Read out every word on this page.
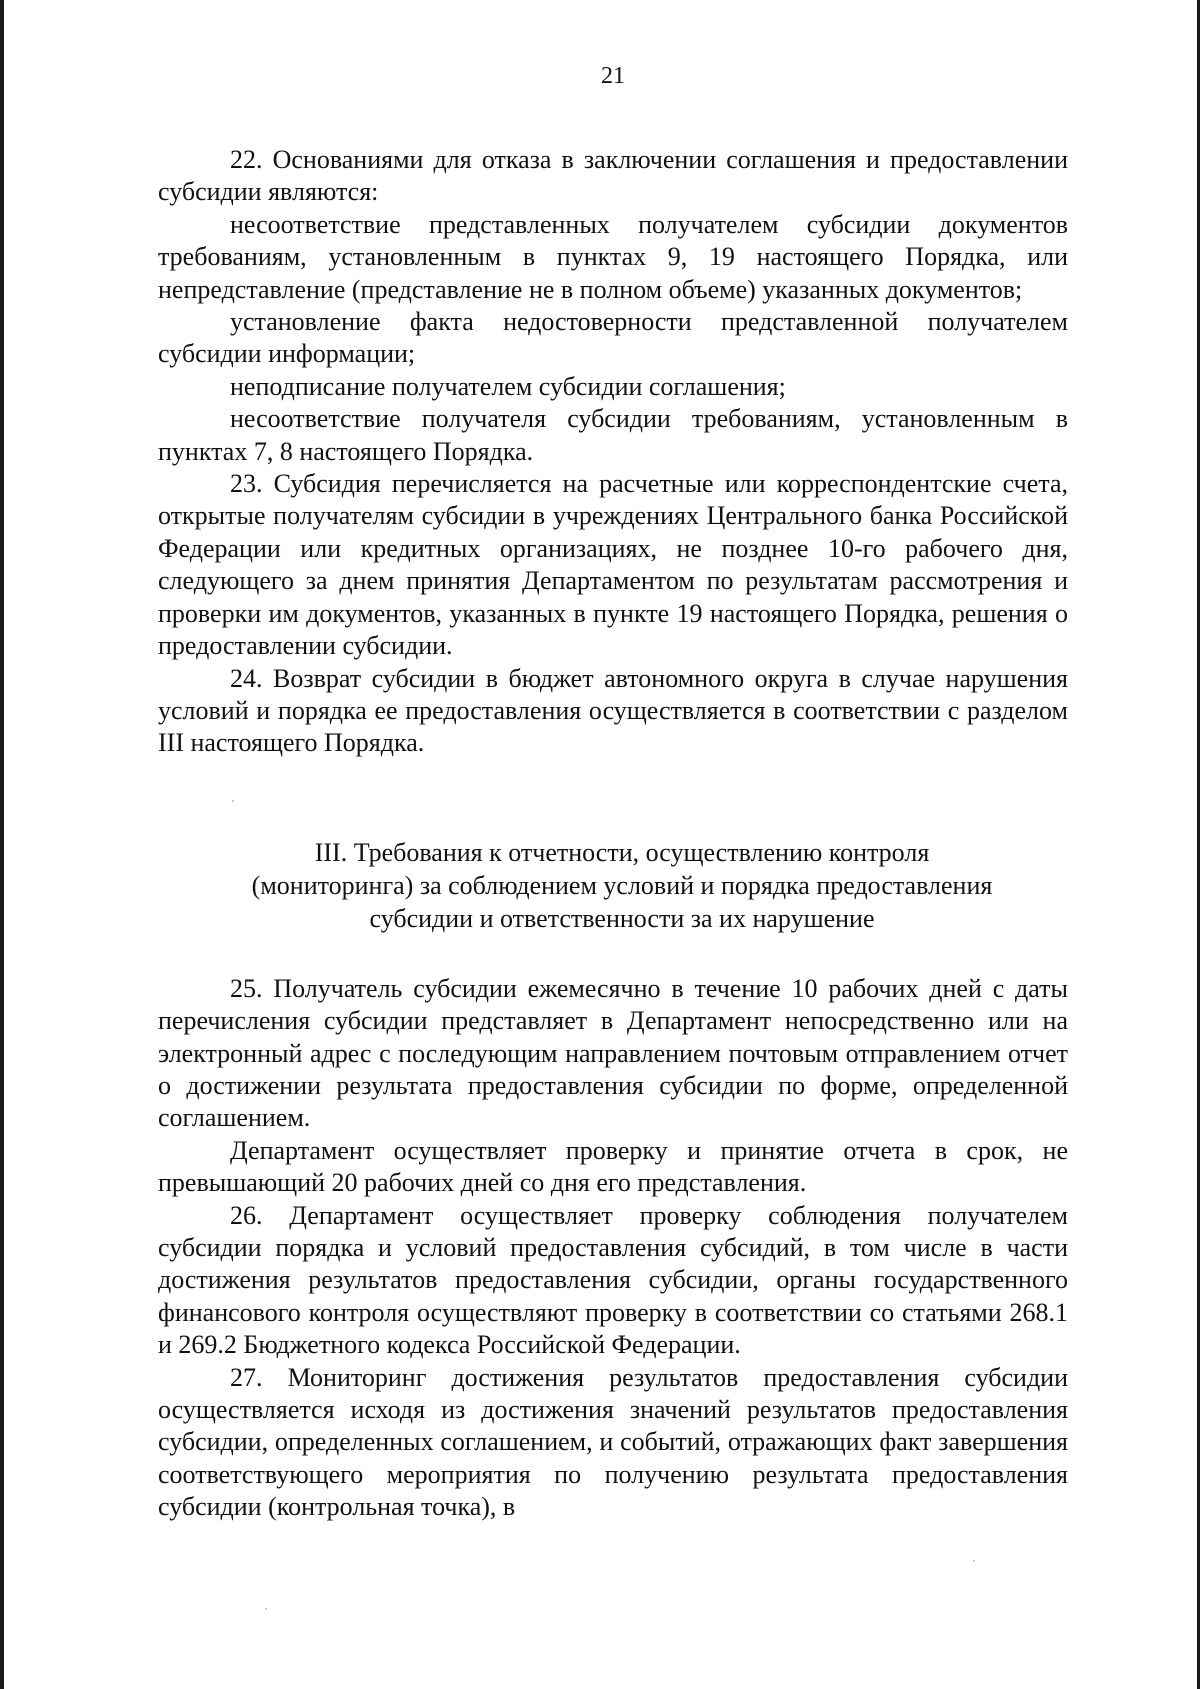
21

22. Основаниями для отказа в заключении соглашения и предоставлении субсидии являются:

несоответствие представленных получателем субсидии документов требованиям, установленным в пунктах 9, 19 настоящего Порядка, или непредставление (представление не в полном объеме) указанных документов;

установление факта недостоверности представленной получателем субсидии информации;

неподписание получателем субсидии соглашения;

несоответствие получателя субсидии требованиям, установленным в пунктах 7, 8 настоящего Порядка.

23. Субсидия перечисляется на расчетные или корреспондентские счета, открытые получателям субсидии в учреждениях Центрального банка Российской Федерации или кредитных организациях, не позднее 10-го рабочего дня, следующего за днем принятия Департаментом по результатам рассмотрения и проверки им документов, указанных в пункте 19 настоящего Порядка, решения о предоставлении субсидии.

24. Возврат субсидии в бюджет автономного округа в случае нарушения условий и порядка ее предоставления осуществляется в соответствии с разделом III настоящего Порядка.

III. Требования к отчетности, осуществлению контроля
(мониторинга) за соблюдением условий и порядка предоставления
субсидии и ответственности за их нарушение

25. Получатель субсидии ежемесячно в течение 10 рабочих дней с даты перечисления субсидии представляет в Департамент непосредственно или на электронный адрес с последующим направлением почтовым отправлением отчет о достижении результата предоставления субсидии по форме, определенной соглашением.

Департамент осуществляет проверку и принятие отчета в срок, не превышающий 20 рабочих дней со дня его представления.

26. Департамент осуществляет проверку соблюдения получателем субсидии порядка и условий предоставления субсидий, в том числе в части достижения результатов предоставления субсидии, органы государственного финансового контроля осуществляют проверку в соответствии со статьями 268.1 и 269.2 Бюджетного кодекса Российской Федерации.

27. Мониторинг достижения результатов предоставления субсидии осуществляется исходя из достижения значений результатов предоставления субсидии, определенных соглашением, и событий, отражающих факт завершения соответствующего мероприятия по получению результата предоставления субсидии (контрольная точка), в
